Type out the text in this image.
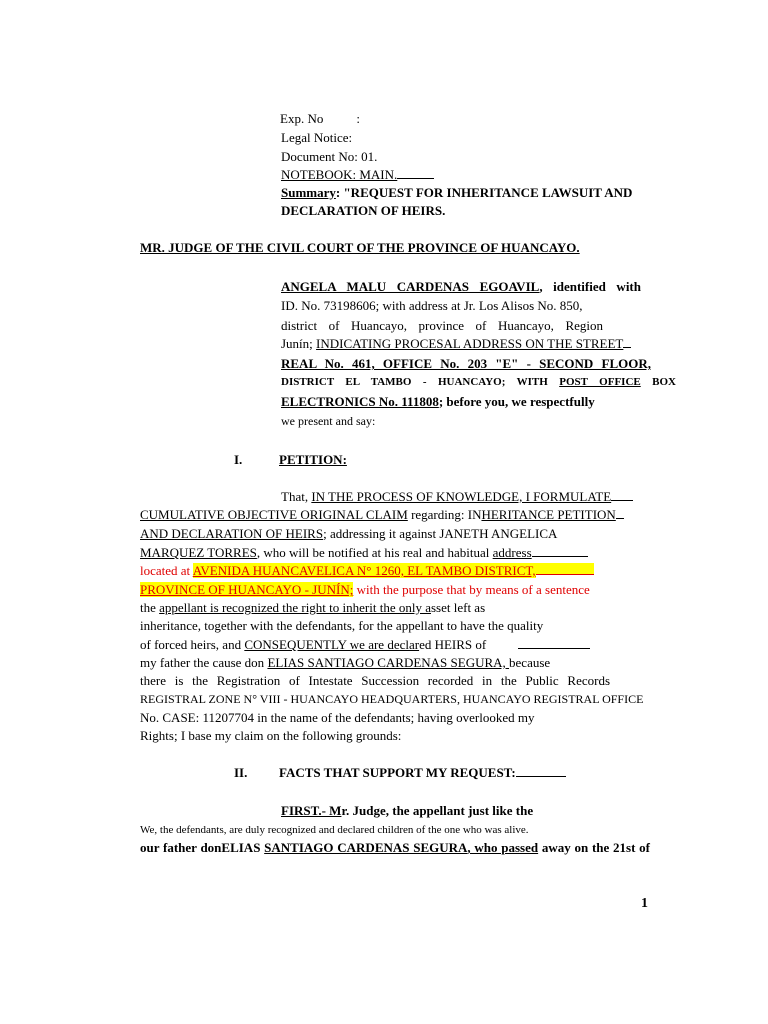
Exp. No	:
Legal Notice:
Document No: 01.
NOTEBOOK: MAIN.
Summary: "REQUEST FOR INHERITANCE LAWSUIT AND
DECLARATION OF HEIRS.
MR. JUDGE OF THE CIVIL COURT OF THE PROVINCE OF HUANCAYO.
ANGELA MALU CARDENAS EGOAVIL, identified with
ID. No. 73198606; with address at Jr. Los Alisos No. 850,
district of Huancayo, province of Huancayo, Region
Junín; INDICATING PROCESAL ADDRESS ON THE STREET
REAL No. 461, OFFICE No. 203 "E" - SECOND FLOOR,
DISTRICT EL TAMBO - HUANCAYO; WITH POST OFFICE BOX
ELECTRONICS No. 111808; before you, we respectfully
we present and say:
I.	PETITION:
That, IN THE PROCESS OF KNOWLEDGE, I FORMULATE
CUMULATIVE OBJECTIVE ORIGINAL CLAIM regarding: INHERITANCE PETITION
AND DECLARATION OF HEIRS; addressing it against JANETH ANGELICA
MARQUEZ TORRES, who will be notified at his real and habitual address
located at AVENIDA HUANCAVELICA N° 1260, EL TAMBO DISTRICT,
PROVINCE OF HUANCAYO - JUNÍN; with the purpose that by means of a sentence
the appellant is recognized the right to inherit the only asset left as
inheritance, together with the defendants, for the appellant to have the quality
of forced heirs, and CONSEQUENTLY we are declared HEIRS of
my father the cause don ELIAS SANTIAGO CARDENAS SEGURA, because
there is the Registration of Intestate Succession recorded in the Public Records
REGISTRAL ZONE N° VIII - HUANCAYO HEADQUARTERS, HUANCAYO REGISTRAL OFFICE
No. CASE: 11207704 in the name of the defendants; having overlooked my
Rights; I base my claim on the following grounds:
II. FACTS THAT SUPPORT MY REQUEST:
FIRST.- Mr. Judge, the appellant just like the
We, the defendants, are duly recognized and declared children of the one who was alive.
our father donELIAS SANTIAGO CARDENAS SEGURA, who passed away on the 21st of
1
